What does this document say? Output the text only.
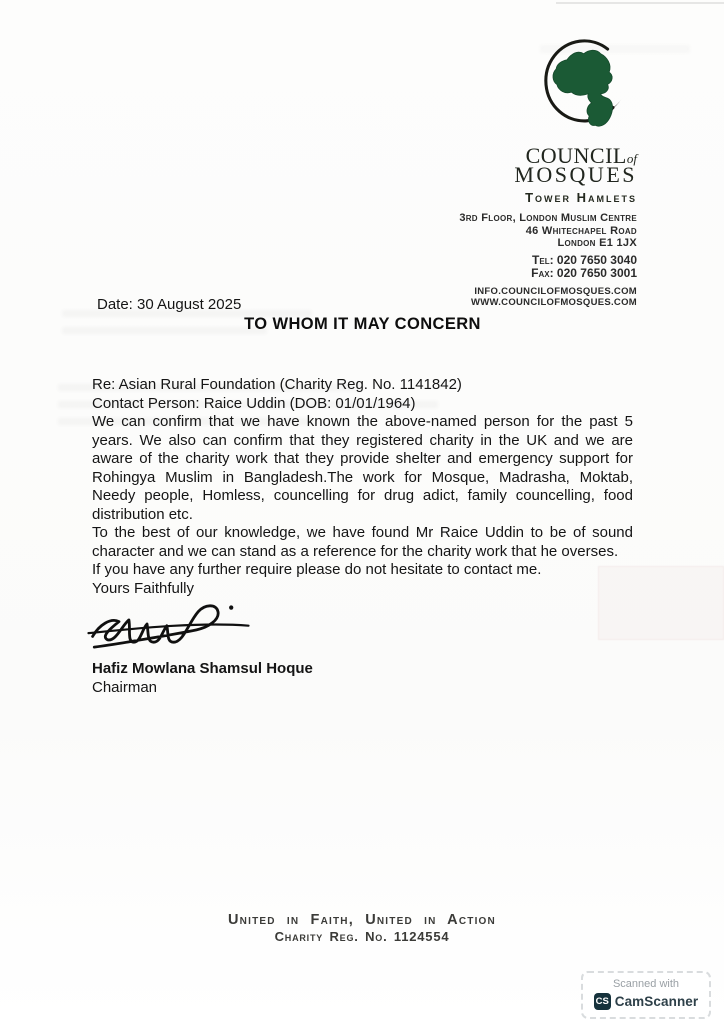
COUNCILof
MOSQUES
Tower Hamlets
3rd Floor, London Muslim Centre
46 Whitechapel Road
London E1 1JX
Tel: 020 7650 3040
Fax: 020 7650 3001
INFO.COUNCILOFMOSQUES.COM
WWW.COUNCILOFMOSQUES.COM

Date: 30 August 2025

TO WHOM IT MAY CONCERN

Re: Asian Rural Foundation (Charity Reg. No. 1141842)

Contact Person: Raice Uddin (DOB: 01/01/1964)

We can confirm that we have known the above-named person for the past 5 years. We also can confirm that they registered charity in the UK and we are aware of the charity work that they provide shelter and emergency support for Rohingya Muslim in Bangladesh.The work for Mosque, Madrasha, Moktab, Needy people, Homless, councelling for drug adict, family councelling, food distribution etc.

To the best of our knowledge, we have found Mr Raice Uddin to be of sound character and we can stand as a reference for the charity work that he overses.

If you have any further require please do not hesitate to contact me.

Yours Faithfully

Hafiz Mowlana Shamsul Hoque

Chairman

United in Faith, United in Action
Charity Reg. No. 1124554
Scanned with
CS CamScanner
